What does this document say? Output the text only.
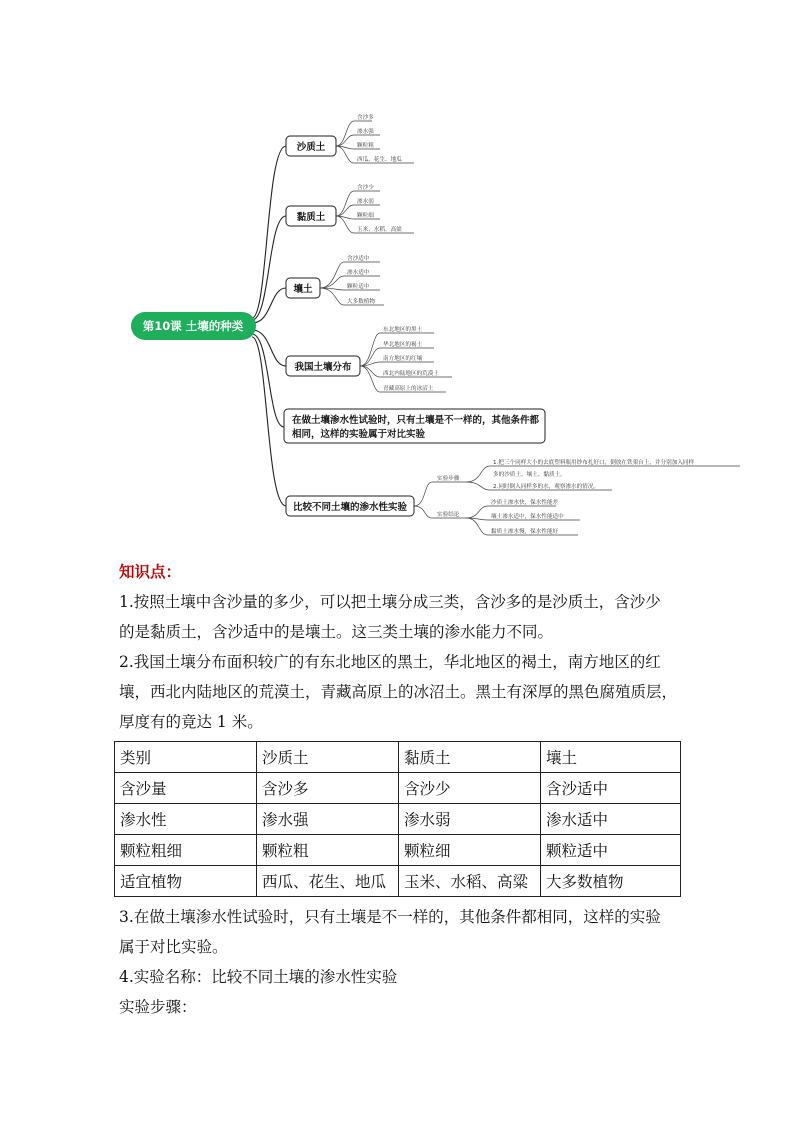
第10课 土壤的种类
沙质土
黏质土
壤土
我国土壤分布
在做土壤渗水性试验时，只有土壤是不一样的，其他条件都
相同，这样的实验属于对比实验
比较不同土壤的渗水性实验
含沙多
渗水强
颗粒粗
西瓜、花生、地瓜
含沙少
渗水弱
颗粒细
玉米、水稻、高粱
含沙适中
渗水适中
颗粒适中
大多数植物
东北地区的黑土
华北地区的褐土
南方地区的红壤
西北内陆地区的荒漠土
青藏高原上的冰沼土
实验步骤
实验结论
1.把三个同样大小的去底塑料瓶用纱布扎好口，倒放在铁架台上，并分别加入同样
多的沙质土、壤土、黏质土。
2.同时倒入同样多的水，观察渗水的情况。
沙质土渗水快，保水性能差
壤土渗水适中，保水性能适中
黏质土渗水慢，保水性能好
知识点：
1.按照土壤中含沙量的多少，可以把土壤分成三类，含沙多的是沙质土，含沙少
的是黏质土，含沙适中的是壤土。这三类土壤的渗水能力不同。
2.我国土壤分布面积较广的有东北地区的黑土，华北地区的褐土，南方地区的红
壤，西北内陆地区的荒漠土，青藏高原上的冰沼土。黑土有深厚的黑色腐殖质层，
厚度有的竟达 1 米。
类别	沙质土	黏质土	壤土
含沙量	含沙多	含沙少	含沙适中
渗水性	渗水强	渗水弱	渗水适中
颗粒粗细	颗粒粗	颗粒细	颗粒适中
适宜植物	西瓜、花生、地瓜	玉米、水稻、高粱	大多数植物
3.在做土壤渗水性试验时，只有土壤是不一样的，其他条件都相同，这样的实验
属于对比实验。
4.实验名称：比较不同土壤的渗水性实验
实验步骤：
